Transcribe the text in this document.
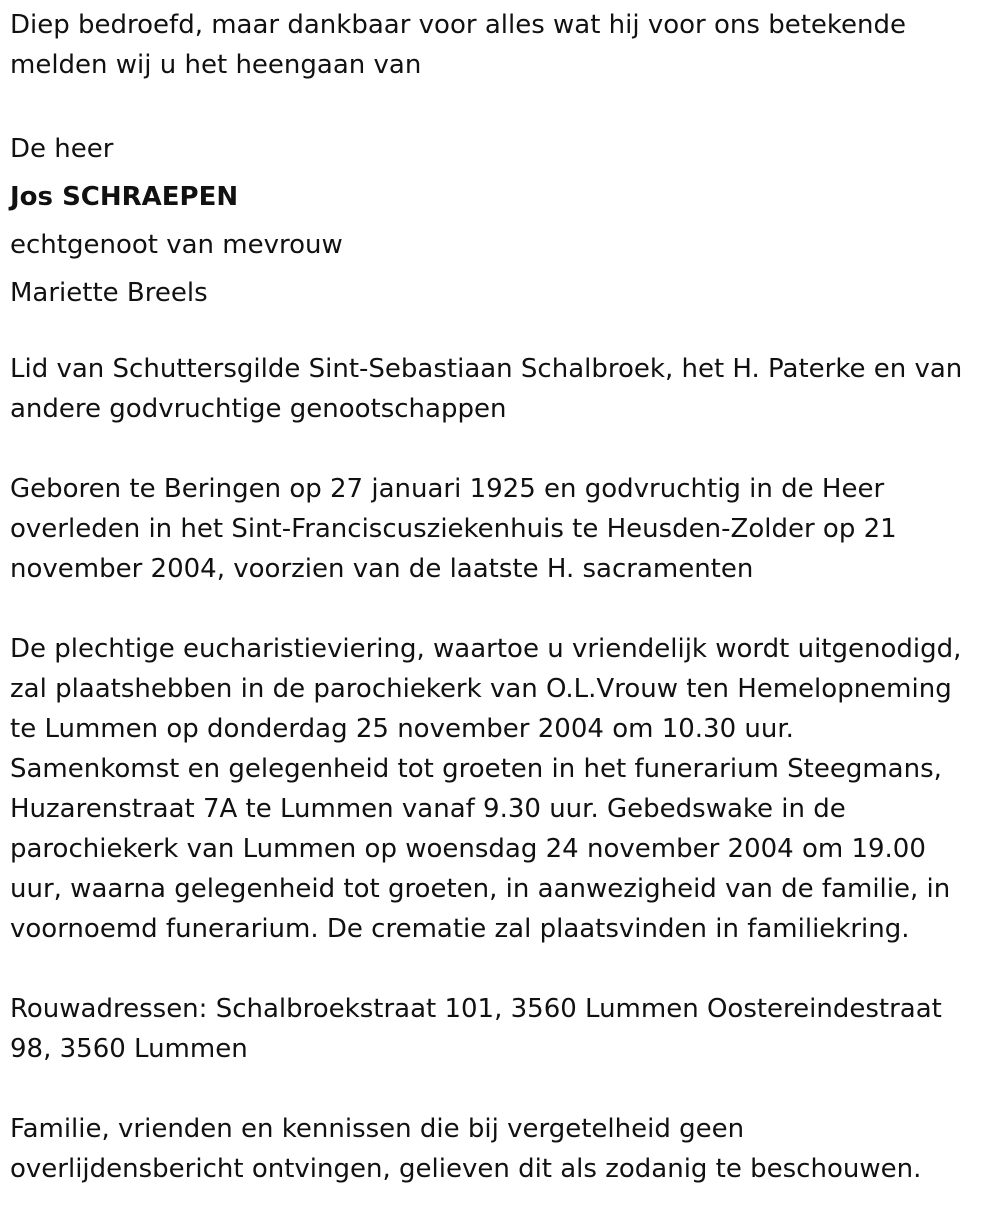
Diep bedroefd, maar dankbaar voor alles wat hij voor ons betekende

melden wij u het heengaan van

De heer

Jos SCHRAEPEN

echtgenoot van mevrouw

Mariette Breels

Lid van Schuttersgilde Sint-Sebastiaan Schalbroek, het H. Paterke en van

andere godvruchtige genootschappen

Geboren te Beringen op 27 januari 1925 en godvruchtig in de Heer

overleden in het Sint-Franciscusziekenhuis te Heusden-Zolder op 21

november 2004, voorzien van de laatste H. sacramenten

De plechtige eucharistieviering, waartoe u vriendelijk wordt uitgenodigd,

zal plaatshebben in de parochiekerk van O.L.Vrouw ten Hemelopneming

te Lummen op donderdag 25 november 2004 om 10.30 uur.

Samenkomst en gelegenheid tot groeten in het funerarium Steegmans,

Huzarenstraat 7A te Lummen vanaf 9.30 uur. Gebedswake in de

parochiekerk van Lummen op woensdag 24 november 2004 om 19.00

uur, waarna gelegenheid tot groeten, in aanwezigheid van de familie, in

voornoemd funerarium. De crematie zal plaatsvinden in familiekring.

Rouwadressen: Schalbroekstraat 101, 3560 Lummen Oostereindestraat

98, 3560 Lummen

Familie, vrienden en kennissen die bij vergetelheid geen

overlijdensbericht ontvingen, gelieven dit als zodanig te beschouwen.
